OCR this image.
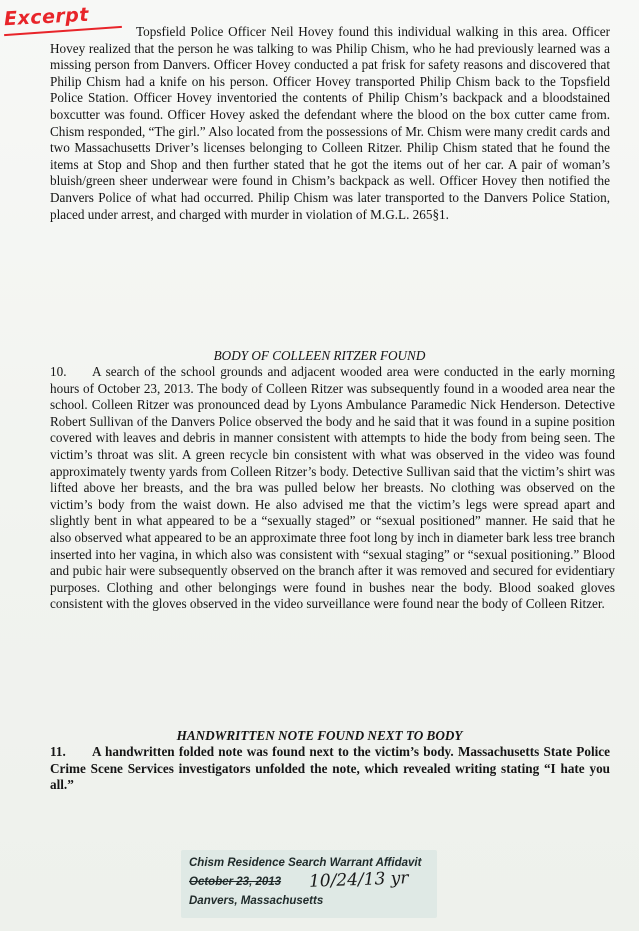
Excerpt

Topsfield Police Officer Neil Hovey found this individual walking in this area. Officer Hovey realized that the person he was talking to was Philip Chism, who he had previously learned was a missing person from Danvers. Officer Hovey conducted a pat frisk for safety reasons and discovered that Philip Chism had a knife on his person. Officer Hovey transported Philip Chism back to the Topsfield Police Station. Officer Hovey inventoried the contents of Philip Chism’s backpack and a bloodstained boxcutter was found. Officer Hovey asked the defendant where the blood on the box cutter came from. Chism responded, “The girl.” Also located from the possessions of Mr. Chism were many credit cards and two Massachusetts Driver’s licenses belonging to Colleen Ritzer. Philip Chism stated that he found the items at Stop and Shop and then further stated that he got the items out of her car. A pair of woman’s bluish/green sheer underwear were found in Chism’s backpack as well. Officer Hovey then notified the Danvers Police of what had occurred. Philip Chism was later transported to the Danvers Police Station, placed under arrest, and charged with murder in violation of M.G.L. 265§1.

BODY OF COLLEEN RITZER FOUND

10. A search of the school grounds and adjacent wooded area were conducted in the early morning hours of October 23, 2013. The body of Colleen Ritzer was subsequently found in a wooded area near the school. Colleen Ritzer was pronounced dead by Lyons Ambulance Paramedic Nick Henderson. Detective Robert Sullivan of the Danvers Police observed the body and he said that it was found in a supine position covered with leaves and debris in manner consistent with attempts to hide the body from being seen. The victim’s throat was slit. A green recycle bin consistent with what was observed in the video was found approximately twenty yards from Colleen Ritzer’s body. Detective Sullivan said that the victim’s shirt was lifted above her breasts, and the bra was pulled below her breasts. No clothing was observed on the victim’s body from the waist down. He also advised me that the victim’s legs were spread apart and slightly bent in what appeared to be a “sexually staged” or “sexual positioned” manner. He said that he also observed what appeared to be an approximate three foot long by inch in diameter bark less tree branch inserted into her vagina, in which also was consistent with “sexual staging” or “sexual positioning.” Blood and pubic hair were subsequently observed on the branch after it was removed and secured for evidentiary purposes. Clothing and other belongings were found in bushes near the body. Blood soaked gloves consistent with the gloves observed in the video surveillance were found near the body of Colleen Ritzer.

HANDWRITTEN NOTE FOUND NEXT TO BODY

11. A handwritten folded note was found next to the victim’s body. Massachusetts State Police Crime Scene Services investigators unfolded the note, which revealed writing stating “I hate you all.”

Chism Residence Search Warrant Affidavit

October 23, 2013 10/24/13 yr

Danvers, Massachusetts
